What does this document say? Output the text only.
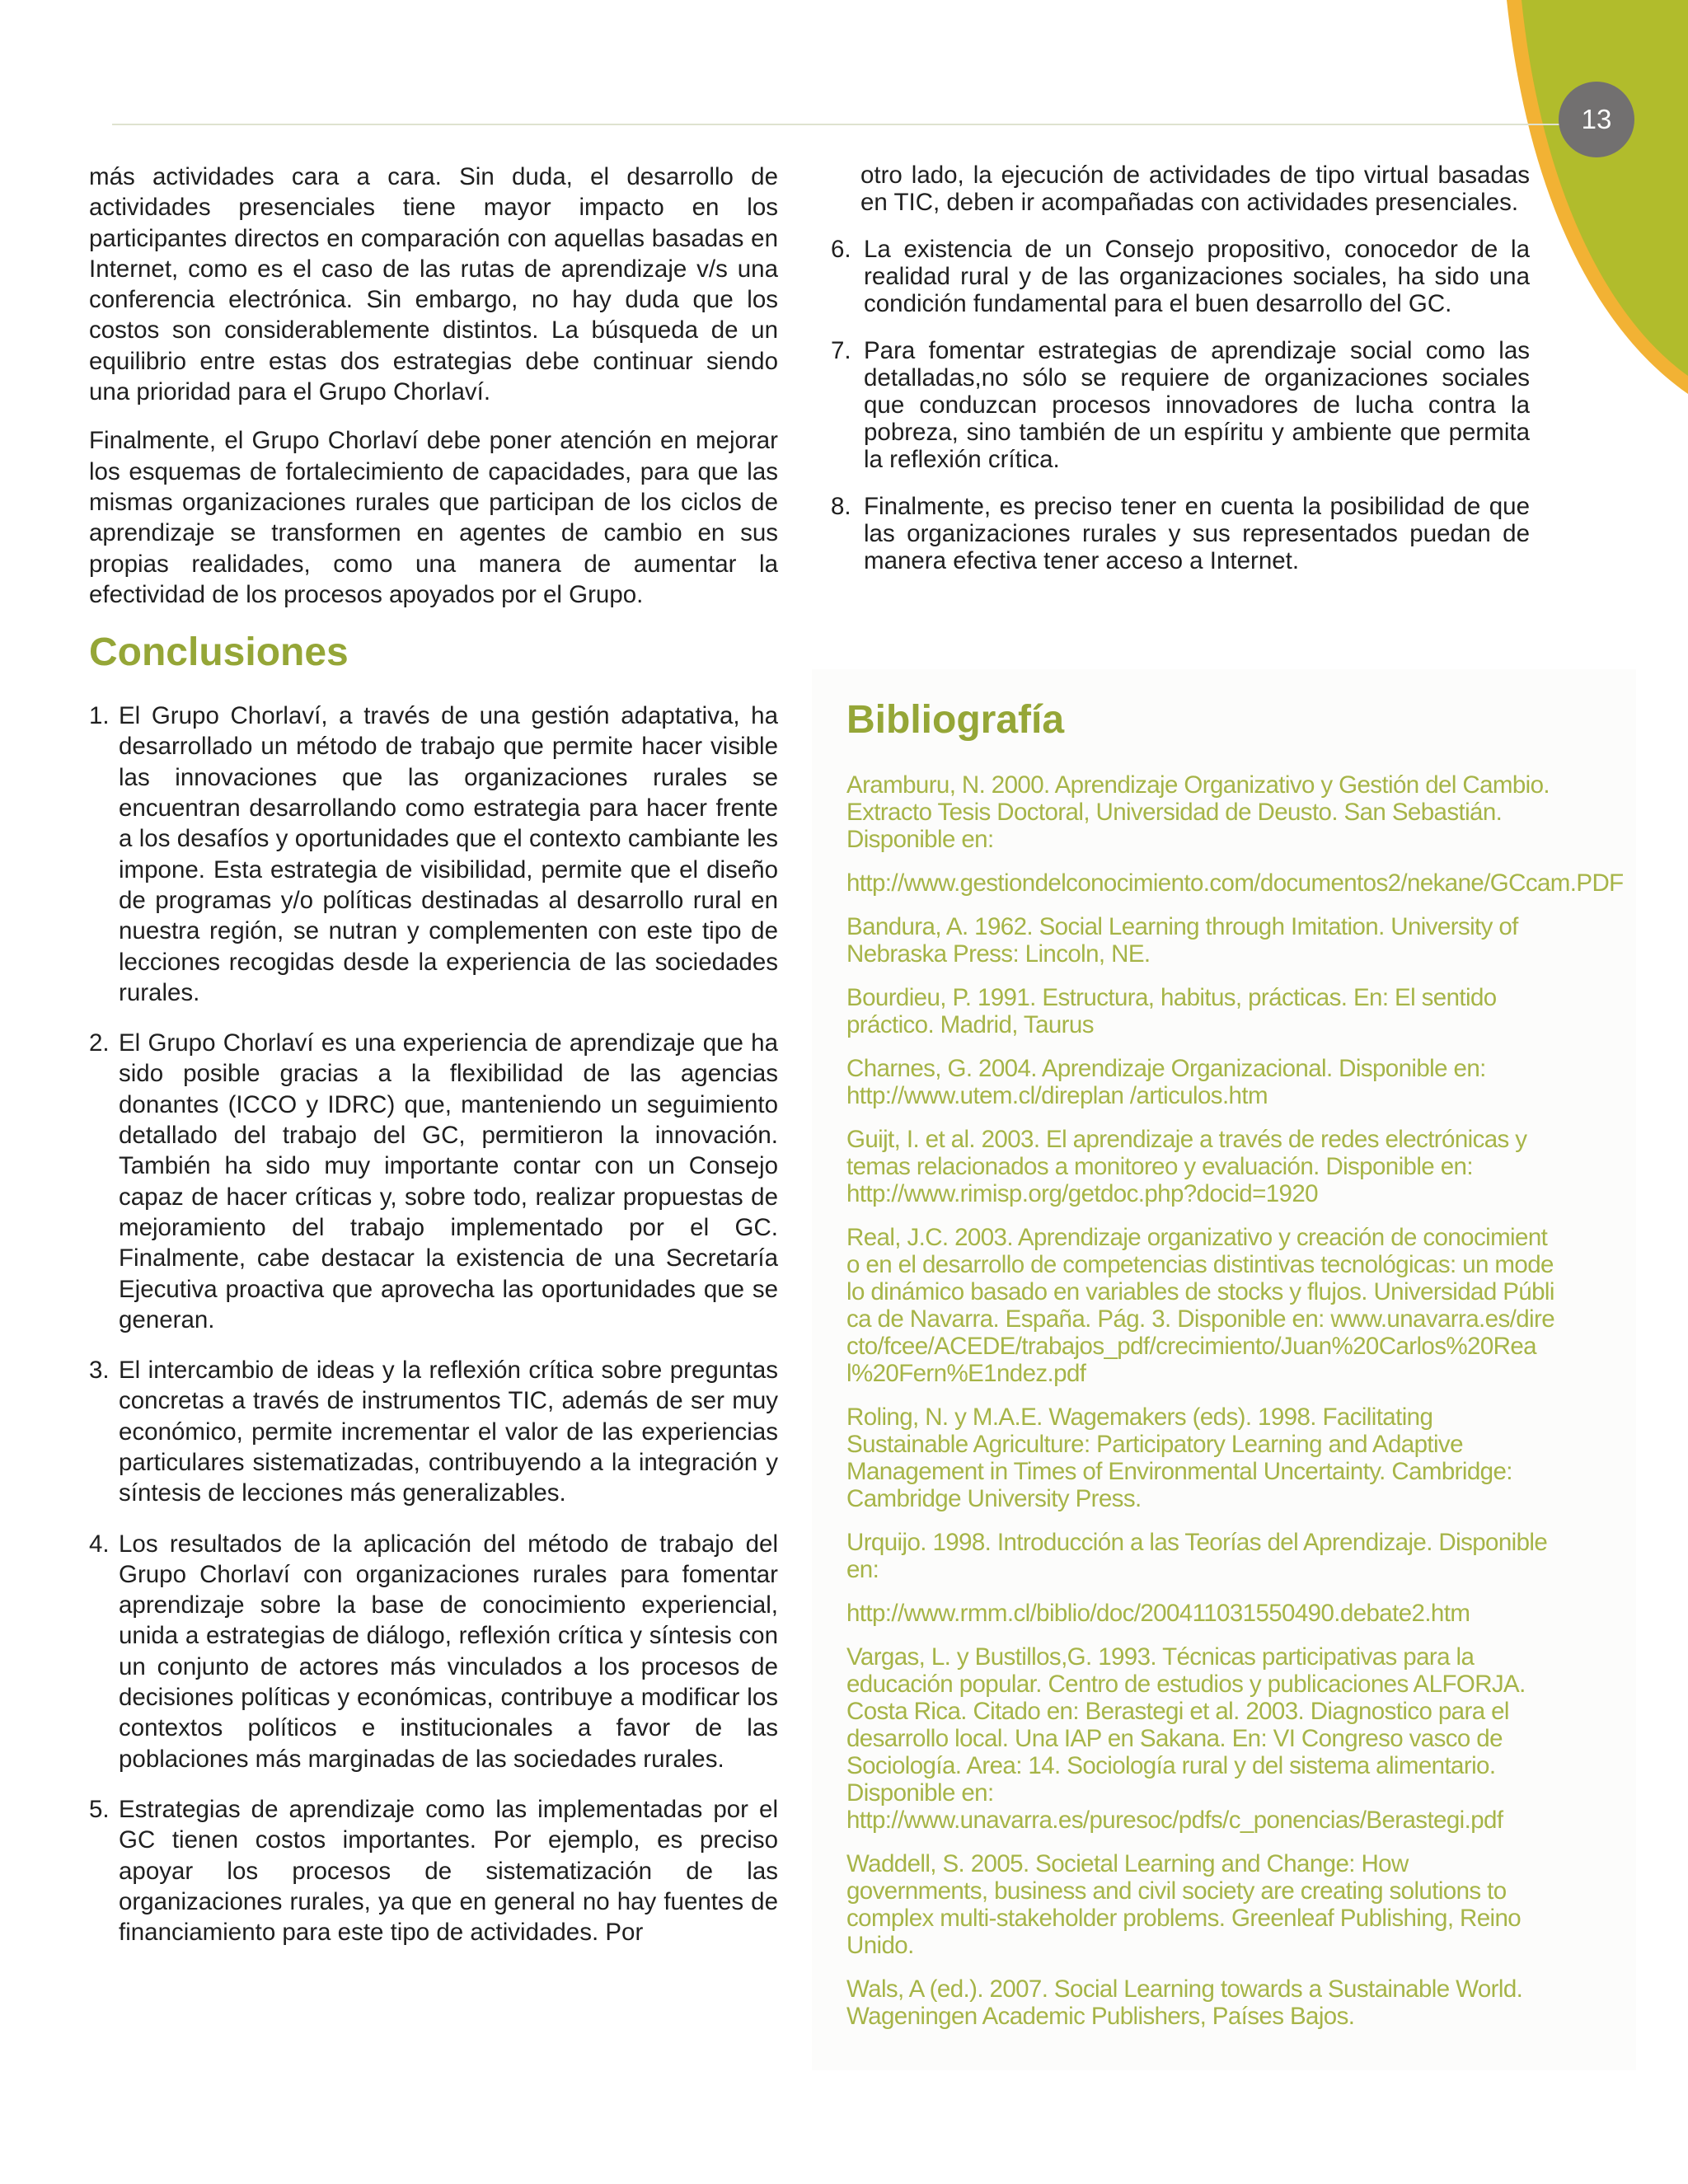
13

más actividades cara a cara. Sin duda, el desarrollo de actividades presenciales tiene mayor impacto en los participantes directos en comparación con aquellas basadas en Internet, como es el caso de las rutas de aprendizaje v/s una conferencia electrónica. Sin embargo, no hay duda que los costos son considerablemente distintos. La búsqueda de un equilibrio entre estas dos estrategias debe continuar siendo una prioridad para el Grupo Chorlaví.

Finalmente, el Grupo Chorlaví debe poner atención en mejorar los esquemas de fortalecimiento de capacidades, para que las mismas organizaciones rurales que participan de los ciclos de aprendizaje se transformen en agentes de cambio en sus propias realidades, como una manera de aumentar la efectividad de los procesos apoyados por el Grupo.

Conclusiones
1. El Grupo Chorlaví, a través de una gestión adaptativa, ha desarrollado un método de trabajo que permite hacer visible las innovaciones que las organizaciones rurales se encuentran desarrollando como estrategia para hacer frente a los desafíos y oportunidades que el contexto cambiante les impone. Esta estrategia de visibilidad, permite que el diseño de programas y/o políticas destinadas al desarrollo rural en nuestra región, se nutran y complementen con este tipo de lecciones recogidas desde la experiencia de las sociedades rurales.
2. El Grupo Chorlaví es una experiencia de aprendizaje que ha sido posible gracias a la flexibilidad de las agencias donantes (ICCO y IDRC) que, manteniendo un seguimiento detallado del trabajo del GC, permitieron la innovación. También ha sido muy importante contar con un Consejo capaz de hacer críticas y, sobre todo, realizar propuestas de mejoramiento del trabajo implementado por el GC. Finalmente, cabe destacar la existencia de una Secretaría Ejecutiva proactiva que aprovecha las oportunidades que se generan.
3. El intercambio de ideas y la reflexión crítica sobre preguntas concretas a través de instrumentos TIC, además de ser muy económico, permite incrementar el valor de las experiencias particulares sistematizadas, contribuyendo a la integración y síntesis de lecciones más generalizables.
4. Los resultados de la aplicación del método de trabajo del Grupo Chorlaví con organizaciones rurales para fomentar aprendizaje sobre la base de conocimiento experiencial, unida a estrategias de diálogo, reflexión crítica y síntesis con un conjunto de actores más vinculados a los procesos de decisiones políticas y económicas, contribuye a modificar los contextos políticos e institucionales a favor de las poblaciones más marginadas de las sociedades rurales.
5. Estrategias de aprendizaje como las implementadas por el GC tienen costos importantes. Por ejemplo, es preciso apoyar los procesos de sistematización de las organizaciones rurales, ya que en general no hay fuentes de financiamiento para este tipo de actividades. Por

otro lado, la ejecución de actividades de tipo virtual basadas en TIC, deben ir acompañadas con actividades presenciales.

6. La existencia de un Consejo propositivo, conocedor de la realidad rural y de las organizaciones sociales, ha sido una condición fundamental para el buen desarrollo del GC.
7. Para fomentar estrategias de aprendizaje social como las detalladas,no sólo se requiere de organizaciones sociales que conduzcan procesos innovadores de lucha contra la pobreza, sino también de un espíritu y ambiente que permita la reflexión crítica.
8. Finalmente, es preciso tener en cuenta la posibilidad de que las organizaciones rurales y sus representados puedan de manera efectiva tener acceso a Internet.
Bibliografía

Aramburu, N. 2000. Aprendizaje Organizativo y Gestión del Cambio. Extracto Tesis Doctoral, Universidad de Deusto. San Sebastián. Disponible en:

http://www.gestiondelconocimiento.com/documentos2/nekane/GCcam.PDF

Bandura, A. 1962. Social Learning through Imitation. University of Nebraska Press: Lincoln, NE.

Bourdieu, P. 1991. Estructura, habitus, prácticas. En: El sentido práctico. Madrid, Taurus

Charnes, G. 2004. Aprendizaje Organizacional. Disponible en: http://www.utem.cl/direplan /articulos.htm

Guijt, I. et al. 2003. El aprendizaje a través de redes electrónicas y temas relacionados a monitoreo y evaluación. Disponible en: http://www.rimisp.org/getdoc.php?docid=1920

Real, J.C. 2003. Aprendizaje organizativo y creación de conocimiento en el desarrollo de competencias distintivas tecnológicas: un modelo dinámico basado en variables de stocks y flujos. Universidad Pública de Navarra. España. Pág. 3. Disponible en: www.unavarra.es/directo/fcee/ACEDE/trabajos_pdf/crecimiento/Juan%20Carlos%20Real%20Fern%E1ndez.pdf

Roling, N. y M.A.E. Wagemakers (eds). 1998. Facilitating Sustainable Agriculture: Participatory Learning and Adaptive Management in Times of Environmental Uncertainty. Cambridge: Cambridge University Press.

Urquijo. 1998. Introducción a las Teorías del Aprendizaje. Disponible en:

http://www.rmm.cl/biblio/doc/200411031550490.debate2.htm

Vargas, L. y Bustillos,G. 1993. Técnicas participativas para la educación popular. Centro de estudios y publicaciones ALFORJA. Costa Rica. Citado en: Berastegi et al. 2003. Diagnostico para el desarrollo local. Una IAP en Sakana. En: VI Congreso vasco de Sociología. Area: 14. Sociología rural y del sistema alimentario. Disponible en: http://www.unavarra.es/puresoc/pdfs/c_ponencias/Berastegi.pdf

Waddell, S. 2005. Societal Learning and Change: How governments, business and civil society are creating solutions to complex multi-stakeholder problems. Greenleaf Publishing, Reino Unido.

Wals, A (ed.). 2007. Social Learning towards a Sustainable World. Wageningen Academic Publishers, Países Bajos.
